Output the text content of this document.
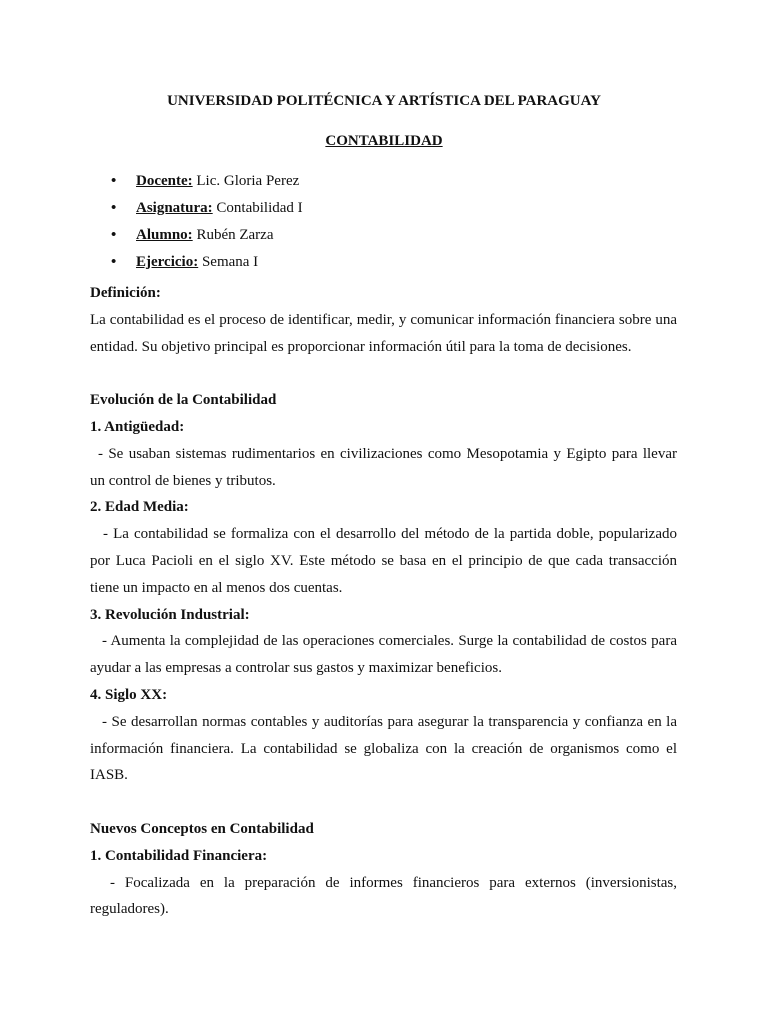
UNIVERSIDAD POLITÉCNICA Y ARTÍSTICA DEL PARAGUAY
CONTABILIDAD
• Docente: Lic. Gloria Perez
• Asignatura: Contabilidad I
• Alumno: Rubén Zarza
• Ejercicio: Semana I

Definición:

La contabilidad es el proceso de identificar, medir, y comunicar información financiera sobre una

entidad. Su objetivo principal es proporcionar información útil para la toma de decisiones.

Evolución de la Contabilidad

1. Antigüedad:

- Se usaban sistemas rudimentarios en civilizaciones como Mesopotamia y Egipto para llevar

un control de bienes y tributos.

2. Edad Media:

- La contabilidad se formaliza con el desarrollo del método de la partida doble, popularizado

por Luca Pacioli en el siglo XV. Este método se basa en el principio de que cada transacción

tiene un impacto en al menos dos cuentas.

3. Revolución Industrial:

- Aumenta la complejidad de las operaciones comerciales. Surge la contabilidad de costos para

ayudar a las empresas a controlar sus gastos y maximizar beneficios.

4. Siglo XX:

- Se desarrollan normas contables y auditorías para asegurar la transparencia y confianza en la

información financiera. La contabilidad se globaliza con la creación de organismos como el

IASB.

Nuevos Conceptos en Contabilidad

1. Contabilidad Financiera:

- Focalizada en la preparación de informes financieros para externos (inversionistas,

reguladores).
